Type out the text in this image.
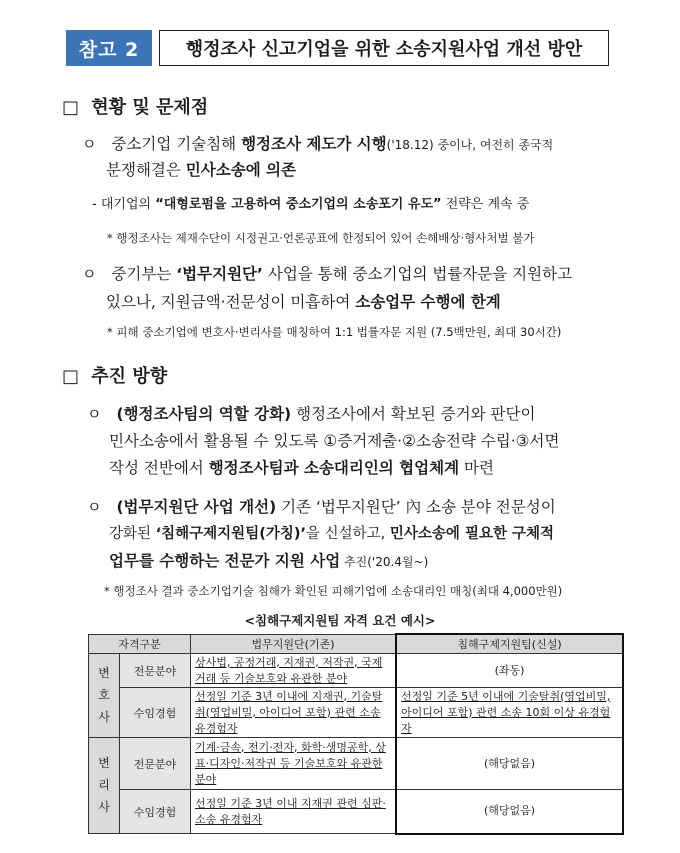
참고 2	행정조사 신고기업을 위한 소송지원사업 개선 방안
□ 현황 및 문제점
ㅇ 중소기업 기술침해 행정조사 제도가 시행('18.12) 중이나, 여전히 종국적
분쟁해결은 민사소송에 의존
- 대기업의 “대형로펌을 고용하여 중소기업의 소송포기 유도” 전략은 계속 중
* 행정조사는 제재수단이 시정권고·언론공표에 한정되어 있어 손해배상·형사처벌 불가
ㅇ 중기부는 ‘법무지원단’ 사업을 통해 중소기업의 법률자문을 지원하고
있으나, 지원금액·전문성이 미흡하여 소송업무 수행에 한계
* 피해 중소기업에 변호사·변리사를 매칭하여 1:1 법률자문 지원 (7.5백만원, 최대 30시간)
□ 추진 방향
ㅇ (행정조사팀의 역할 강화) 행정조사에서 확보된 증거와 판단이
민사소송에서 활용될 수 있도록 ①증거제출·②소송전략 수립·③서면
작성 전반에서 행정조사팀과 소송대리인의 협업체계 마련
ㅇ (법무지원단 사업 개선) 기존 ‘법무지원단’ 內 소송 분야 전문성이
강화된 ‘침해구제지원팀(가칭)’을 신설하고, 민사소송에 필요한 구체적
업무를 수행하는 전문가 지원 사업 추진('20.4월~)
* 행정조사 결과 중소기업기술 침해가 확인된 피해기업에 소송대리인 매칭(최대 4,000만원)
<침해구제지원팀 자격 요건 예시>
자격구분		법무지원단(기존)	침해구제지원팀(신설)
변호사	전문분야	상사법, 공정거래, 지재권, 저작권, 국제거래 등 기술보호와 유관한 분야	(좌동)
	수임경험	선정일 기준 3년 이내에 지재권, 기술탈취(영업비밀, 아이디어 포함) 관련 소송 유경험자	선정일 기준 5년 이내에 기술탈취(영업비밀, 아이디어 포함) 관련 소송 10회 이상 유경험자
변리사	전문분야	기계·금속, 전기·전자, 화학·생명공학, 상표·디자인·저작권 등 기술보호와 유관한 분야	(해당없음)
	수임경험	선정일 기준 3년 이내 지재권 관련 심판·소송 유경험자	(해당없음)
